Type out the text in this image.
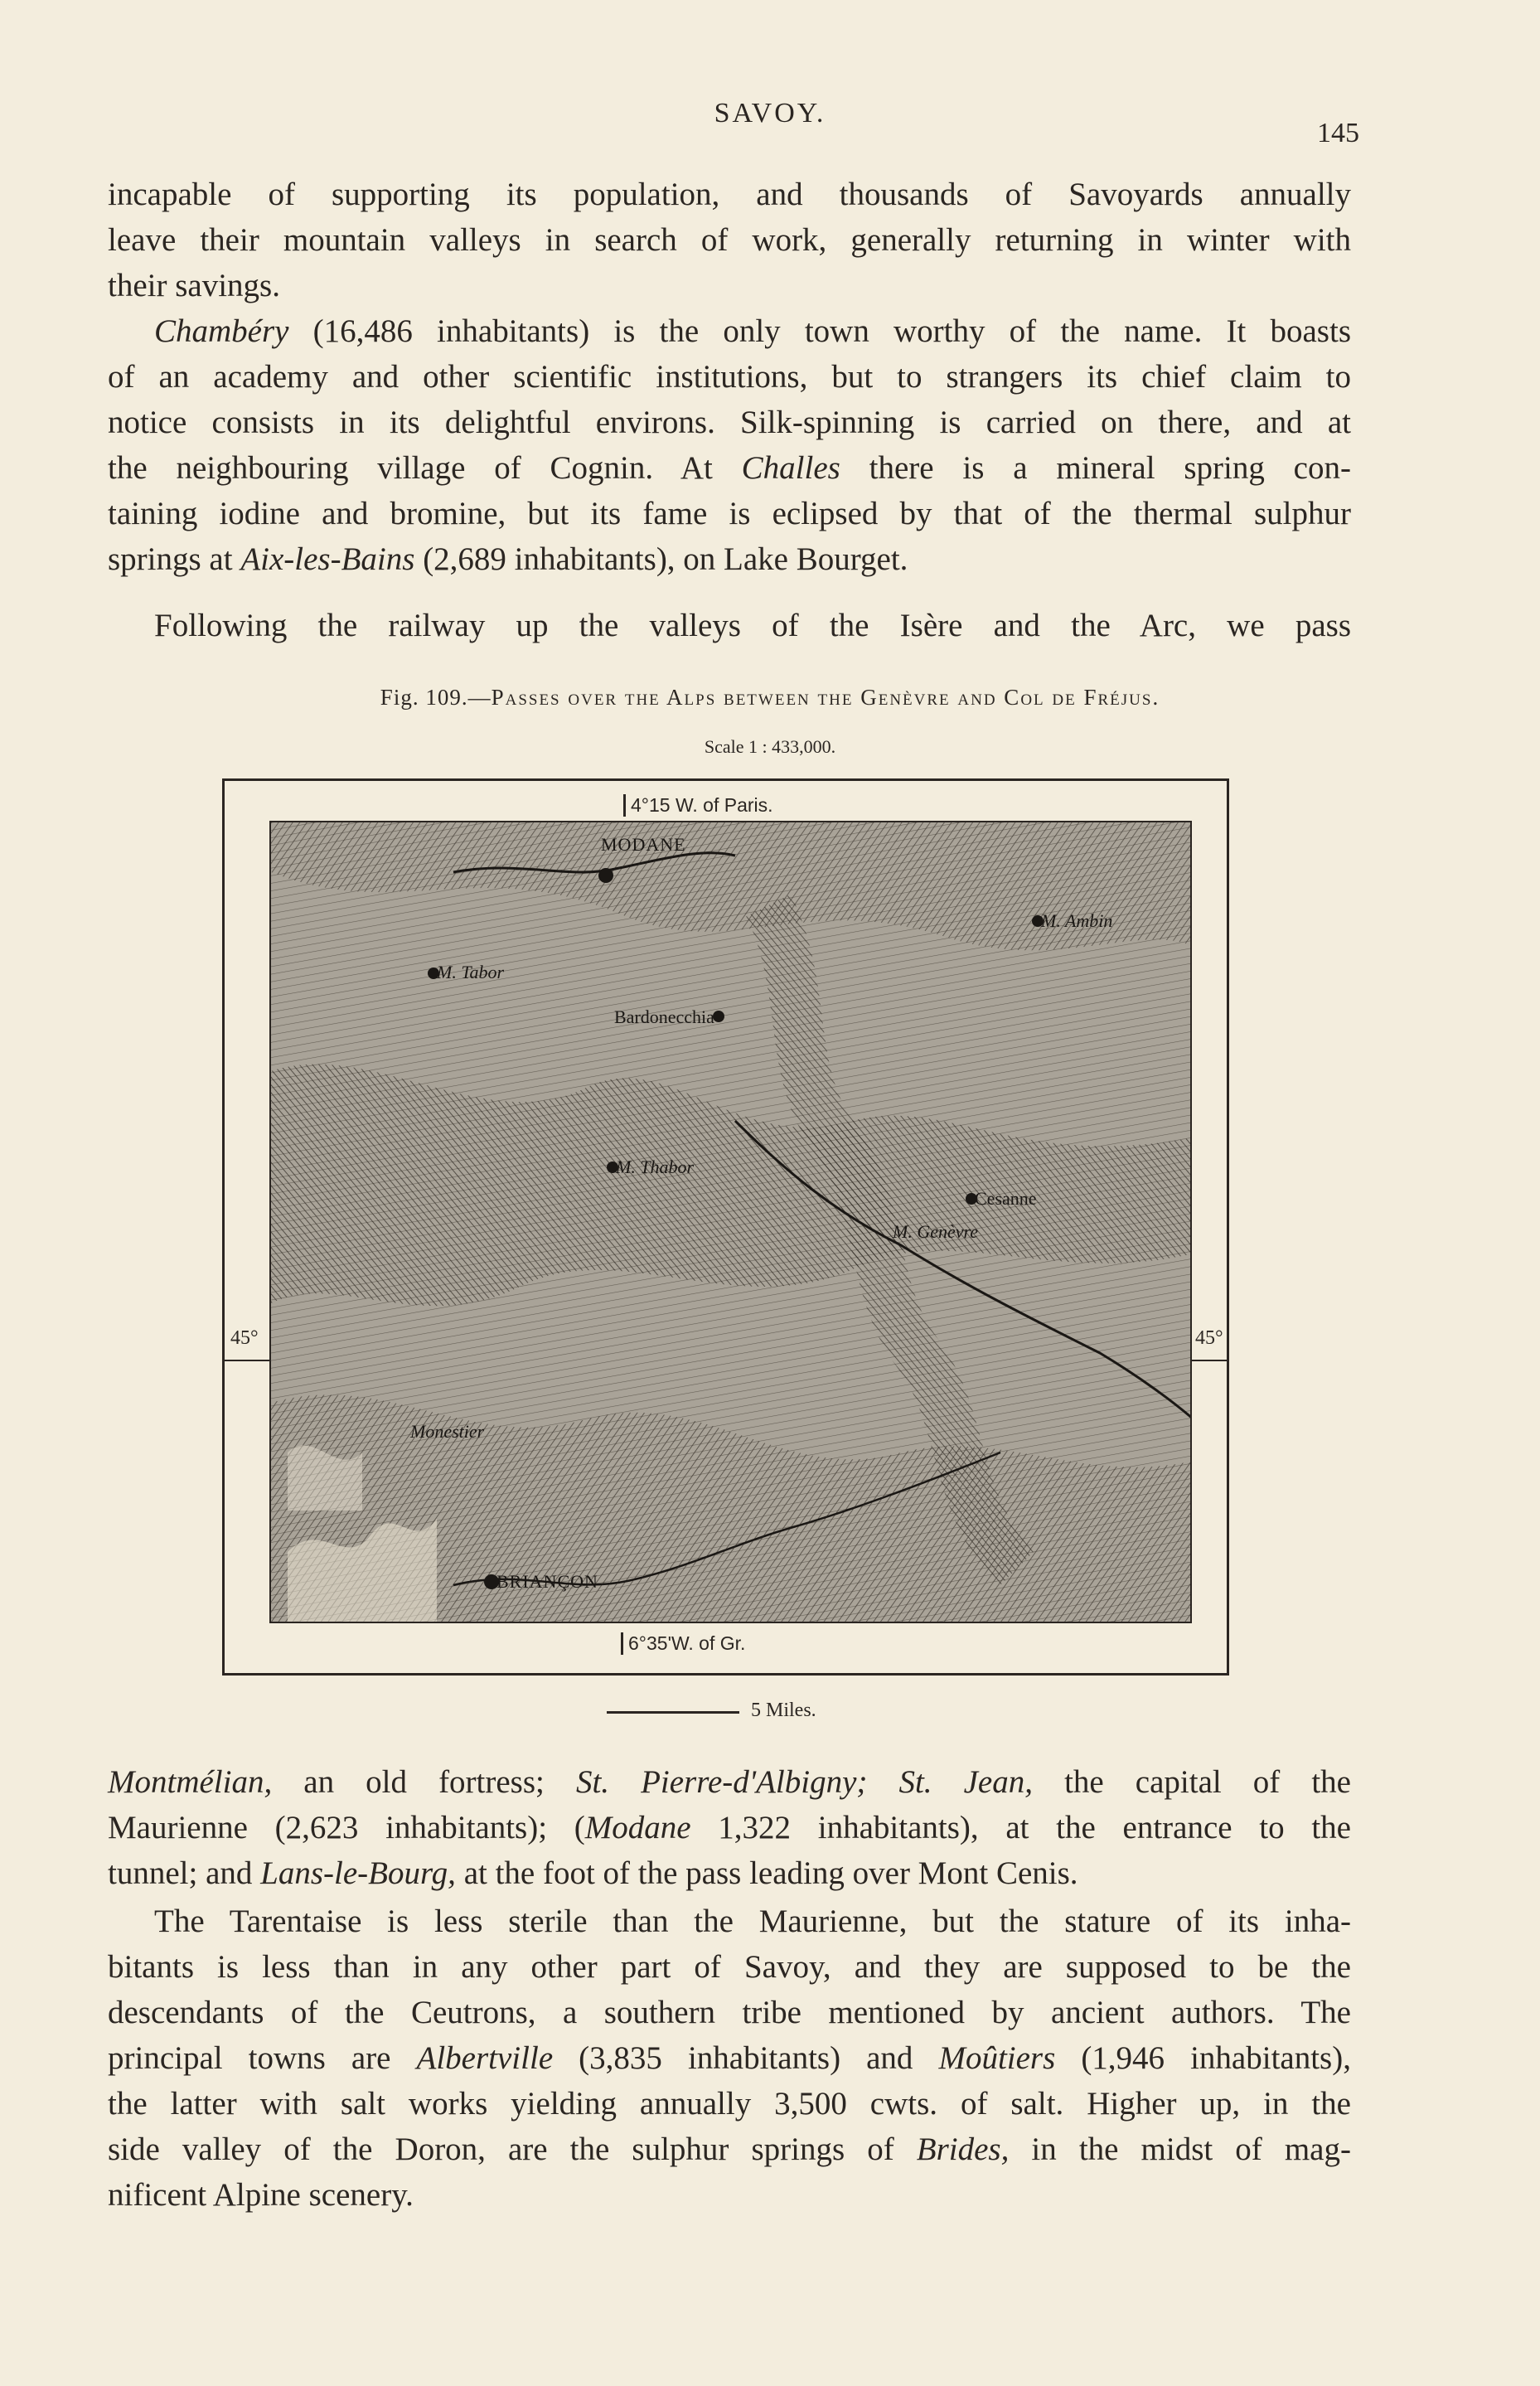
SAVOY.
145

incapable of supporting its population, and thousands of Savoyards annually
leave their mountain valleys in search of work, generally returning in winter with
their savings.

Chambéry (16,486 inhabitants) is the only town worthy of the name. It boasts
of an academy and other scientific institutions, but to strangers its chief claim to
notice consists in its delightful environs. Silk-spinning is carried on there, and at
the neighbouring village of Cognin. At Challes there is a mineral spring con-
taining iodine and bromine, but its fame is eclipsed by that of the thermal sulphur
springs at Aix-les-Bains (2,689 inhabitants), on Lake Bourget.

Following the railway up the valleys of the Isère and the Arc, we pass

Fig. 109.—Passes over the Alps between the Genèvre and Col de Fréjus.
Scale 1 : 433,000.
MODANE
M. Tabor
Bardonecchia
M. Ambin
M. Thabor
Cesanne
M. Genèvre
BRIANÇON
Monestier
4°15 W. of Paris.
6°35'W. of Gr.
45°	45°
5 Miles.

Montmélian, an old fortress; St. Pierre-d'Albigny; St. Jean, the capital of the
Maurienne (2,623 inhabitants); (Modane 1,322 inhabitants), at the entrance to the
tunnel; and Lans-le-Bourg, at the foot of the pass leading over Mont Cenis.

The Tarentaise is less sterile than the Maurienne, but the stature of its inha-
bitants is less than in any other part of Savoy, and they are supposed to be the
descendants of the Ceutrons, a southern tribe mentioned by ancient authors. The
principal towns are Albertville (3,835 inhabitants) and Moûtiers (1,946 inhabitants),
the latter with salt works yielding annually 3,500 cwts. of salt. Higher up, in the
side valley of the Doron, are the sulphur springs of Brides, in the midst of mag-
nificent Alpine scenery.
